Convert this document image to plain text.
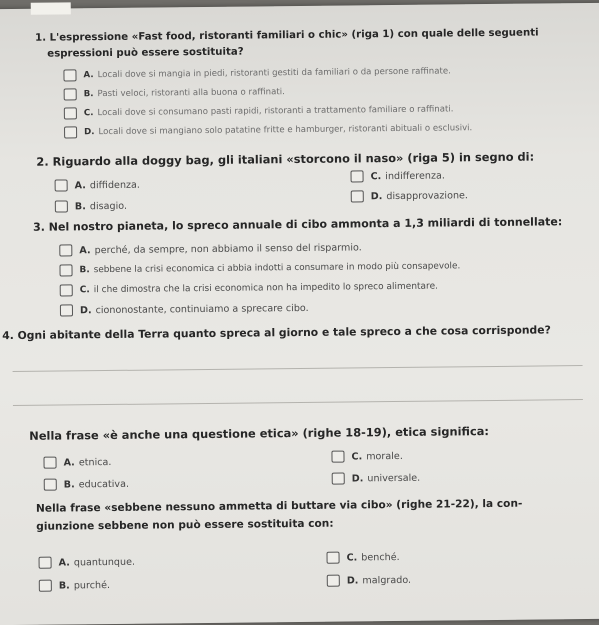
1. L'espressione «Fast food, ristoranti familiari o chic» (riga 1) con quale delle seguenti
espressioni può essere sostituita?
A. Locali dove si mangia in piedi, ristoranti gestiti da familiari o da persone raffinate.
B. Pasti veloci, ristoranti alla buona o raffinati.
C. Locali dove si consumano pasti rapidi, ristoranti a trattamento familiare o raffinati.
D. Locali dove si mangiano solo patatine fritte e hamburger, ristoranti abituali o esclusivi.
2. Riguardo alla doggy bag, gli italiani «storcono il naso» (riga 5) in segno di:
A. diffidenza.
B. disagio.
C. indifferenza.
D. disapprovazione.
3. Nel nostro pianeta, lo spreco annuale di cibo ammonta a 1,3 miliardi di tonnellate:
A. perché, da sempre, non abbiamo il senso del risparmio.
B. sebbene la crisi economica ci abbia indotti a consumare in modo più consapevole.
C. il che dimostra che la crisi economica non ha impedito lo spreco alimentare.
D. ciononostante, continuiamo a sprecare cibo.
4. Ogni abitante della Terra quanto spreca al giorno e tale spreco a che cosa corrisponde?
Nella frase «è anche una questione etica» (righe 18-19), etica significa:
A. etnica.
B. educativa.
C. morale.
D. universale.
Nella frase «sebbene nessuno ammetta di buttare via cibo» (righe 21-22), la con-
giunzione sebbene non può essere sostituita con:
A. quantunque.
B. purché.
C. benché.
D. malgrado.
